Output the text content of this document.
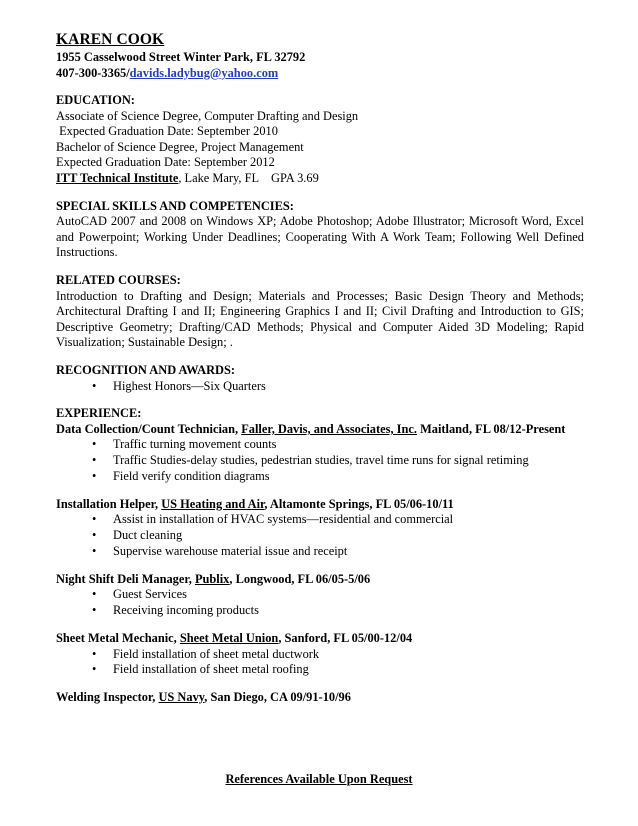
KAREN COOK
1955 Casselwood Street Winter Park, FL 32792
407-300-3365/davids.ladybug@yahoo.com
EDUCATION:
Associate of Science Degree, Computer Drafting and Design
Expected Graduation Date: September 2010
Bachelor of Science Degree, Project Management
Expected Graduation Date: September 2012
ITT Technical Institute, Lake Mary, FL    GPA 3.69
SPECIAL SKILLS AND COMPETENCIES:
AutoCAD 2007 and 2008 on Windows XP; Adobe Photoshop; Adobe Illustrator; Microsoft Word, Excel and Powerpoint; Working Under Deadlines; Cooperating With A Work Team; Following Well Defined Instructions.
RELATED COURSES:
Introduction to Drafting and Design; Materials and Processes; Basic Design Theory and Methods; Architectural Drafting I and II; Engineering Graphics I and II; Civil Drafting and Introduction to GIS; Descriptive Geometry; Drafting/CAD Methods; Physical and Computer Aided 3D Modeling; Rapid Visualization; Sustainable Design; .
RECOGNITION AND AWARDS:
• Highest Honors—Six Quarters
EXPERIENCE:
Data Collection/Count Technician, Faller, Davis, and Associates, Inc. Maitland, FL 08/12-Present
• Traffic turning movement counts
• Traffic Studies-delay studies, pedestrian studies, travel time runs for signal retiming
• Field verify condition diagrams
Installation Helper, US Heating and Air, Altamonte Springs, FL 05/06-10/11
• Assist in installation of HVAC systems—residential and commercial
• Duct cleaning
• Supervise warehouse material issue and receipt
Night Shift Deli Manager, Publix, Longwood, FL 06/05-5/06
• Guest Services
• Receiving incoming products
Sheet Metal Mechanic, Sheet Metal Union, Sanford, FL 05/00-12/04
• Field installation of sheet metal ductwork
• Field installation of sheet metal roofing
Welding Inspector, US Navy, San Diego, CA 09/91-10/96
References Available Upon Request
